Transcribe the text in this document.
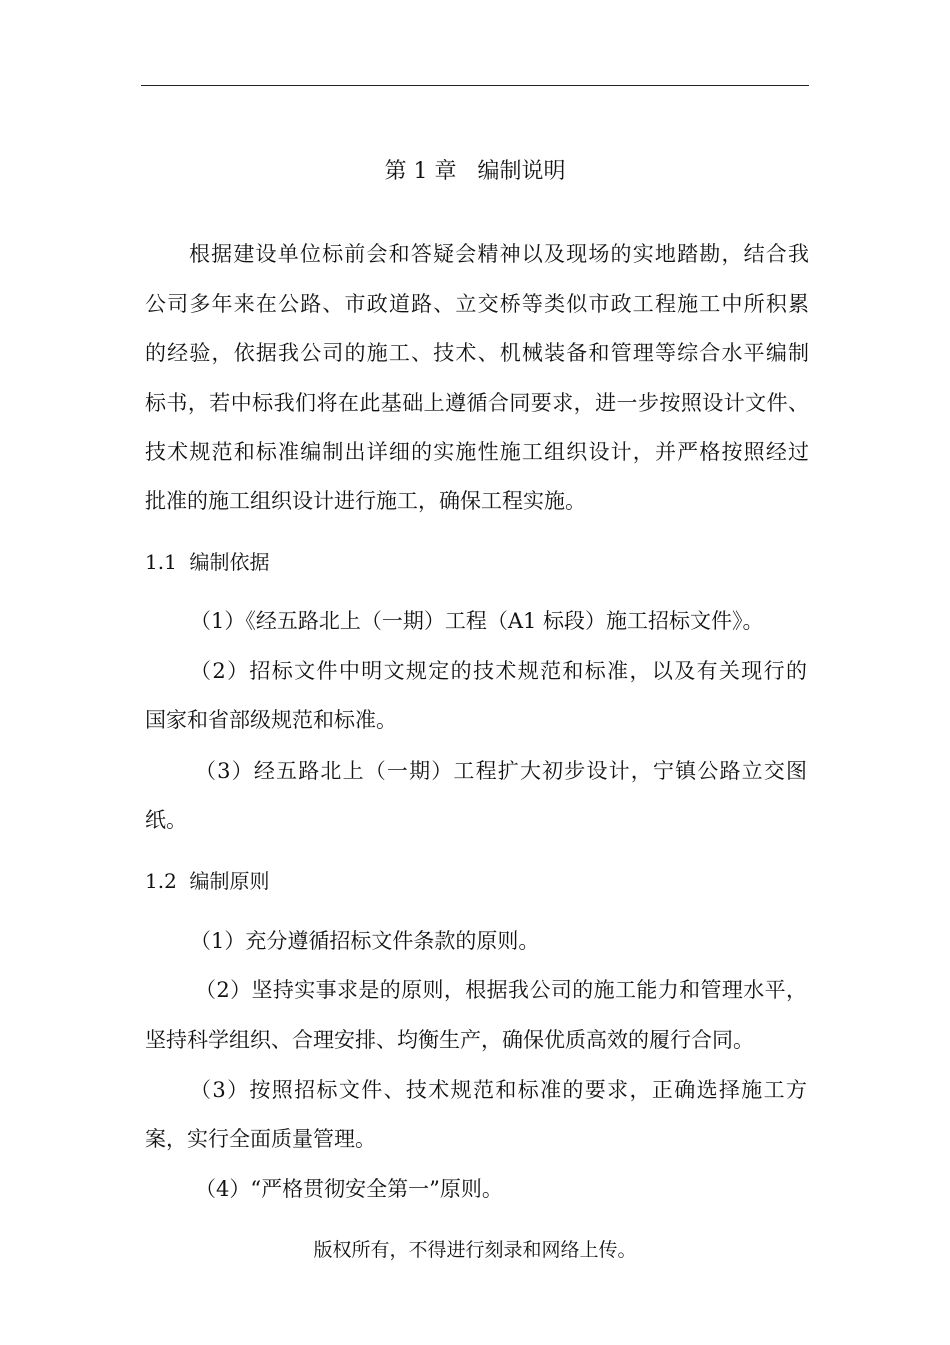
第 1 章   编制说明
根据建设单位标前会和答疑会精神以及现场的实地踏勘，结合我
公司多年来在公路、市政道路、立交桥等类似市政工程施工中所积累
的经验，依据我公司的施工、技术、机械装备和管理等综合水平编制
标书，若中标我们将在此基础上遵循合同要求，进一步按照设计文件、
技术规范和标准编制出详细的实施性施工组织设计，并严格按照经过
批准的施工组织设计进行施工，确保工程实施。
1.1  编制依据
（1）《经五路北上（一期）工程（A1 标段）施工招标文件》。
（2）招标文件中明文规定的技术规范和标准，以及有关现行的
国家和省部级规范和标准。
（3）经五路北上（一期）工程扩大初步设计，宁镇公路立交图
纸。
1.2  编制原则
（1）充分遵循招标文件条款的原则。
（2）坚持实事求是的原则，根据我公司的施工能力和管理水平，
坚持科学组织、合理安排、均衡生产，确保优质高效的履行合同。
（3）按照招标文件、技术规范和标准的要求，正确选择施工方
案，实行全面质量管理。
（4）“严格贯彻安全第一”原则。
版权所有，不得进行刻录和网络上传。
